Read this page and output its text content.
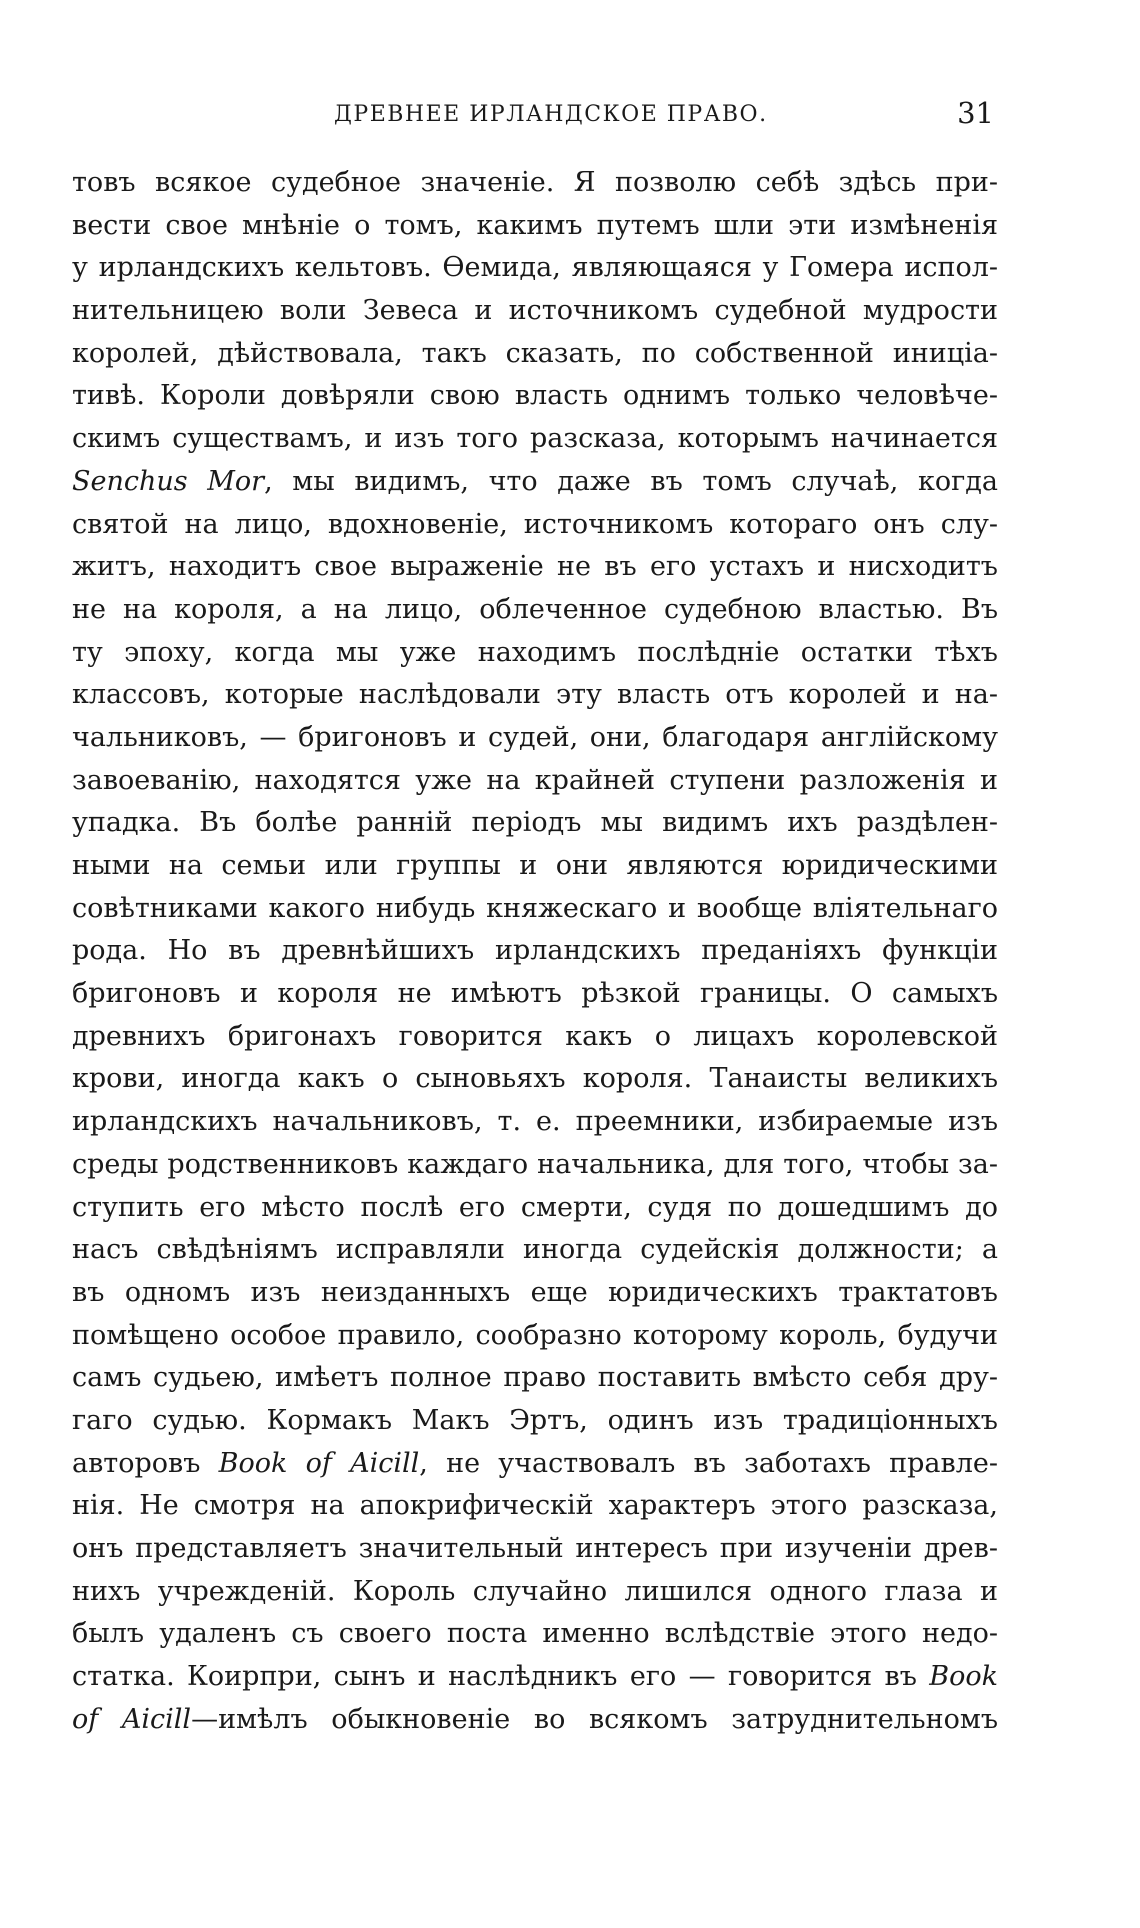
ДРЕВНЕЕ ИРЛАНДСКОЕ ПРАВО.	31
товъ всякое судебное значеніе. Я позволю себѣ здѣсь при-
вести свое мнѣніе о томъ, какимъ путемъ шли эти измѣненія
у ирландскихъ кельтовъ. Ѳемида, являющаяся у Гомера испол-
нительницею воли Зевеса и источникомъ судебной мудрости
королей, дѣйствовала, такъ сказать, по собственной иниціа-
тивѣ. Короли довѣряли свою власть однимъ только человѣче-
скимъ существамъ, и изъ того разсказа, которымъ начинается
Senchus Mor, мы видимъ, что даже въ томъ случаѣ, когда
святой на лицо, вдохновеніе, источникомъ котораго онъ слу-
житъ, находитъ свое выраженіе не въ его устахъ и нисходитъ
не на короля, а на лицо, облеченное судебною властью. Въ
ту эпоху, когда мы уже находимъ послѣдніе остатки тѣхъ
классовъ, которые наслѣдовали эту власть отъ королей и на-
чальниковъ, — бригоновъ и судей, они, благодаря англійскому
завоеванію, находятся уже на крайней ступени разложенія и
упадка. Въ болѣе ранній періодъ мы видимъ ихъ раздѣлен-
ными на семьи или группы и они являются юридическими
совѣтниками какого нибудь княжескаго и вообще вліятельнаго
рода. Но въ древнѣйшихъ ирландскихъ преданіяхъ функціи
бригоновъ и короля не имѣютъ рѣзкой границы. О самыхъ
древнихъ бригонахъ говорится какъ о лицахъ королевской
крови, иногда какъ о сыновьяхъ короля. Танаисты великихъ
ирландскихъ начальниковъ, т. е. преемники, избираемые изъ
среды родственниковъ каждаго начальника, для того, чтобы за-
ступить его мѣсто послѣ его смерти, судя по дошедшимъ до
насъ свѣдѣніямъ исправляли иногда судейскія должности; а
въ одномъ изъ неизданныхъ еще юридическихъ трактатовъ
помѣщено особое правило, сообразно которому король, будучи
самъ судьею, имѣетъ полное право поставить вмѣсто себя дру-
гаго судью. Кормакъ Макъ Эртъ, одинъ изъ традиціонныхъ
авторовъ Book of Aicill, не участвовалъ въ заботахъ правле-
нія. Не смотря на апокрифическій характеръ этого разсказа,
онъ представляетъ значительный интересъ при изученіи древ-
нихъ учрежденій. Король случайно лишился одного глаза и
былъ удаленъ съ своего поста именно вслѣдствіе этого недо-
статка. Коирпри, сынъ и наслѣдникъ его — говорится въ Book
of Aicill—имѣлъ обыкновеніе во всякомъ затруднительномъ
